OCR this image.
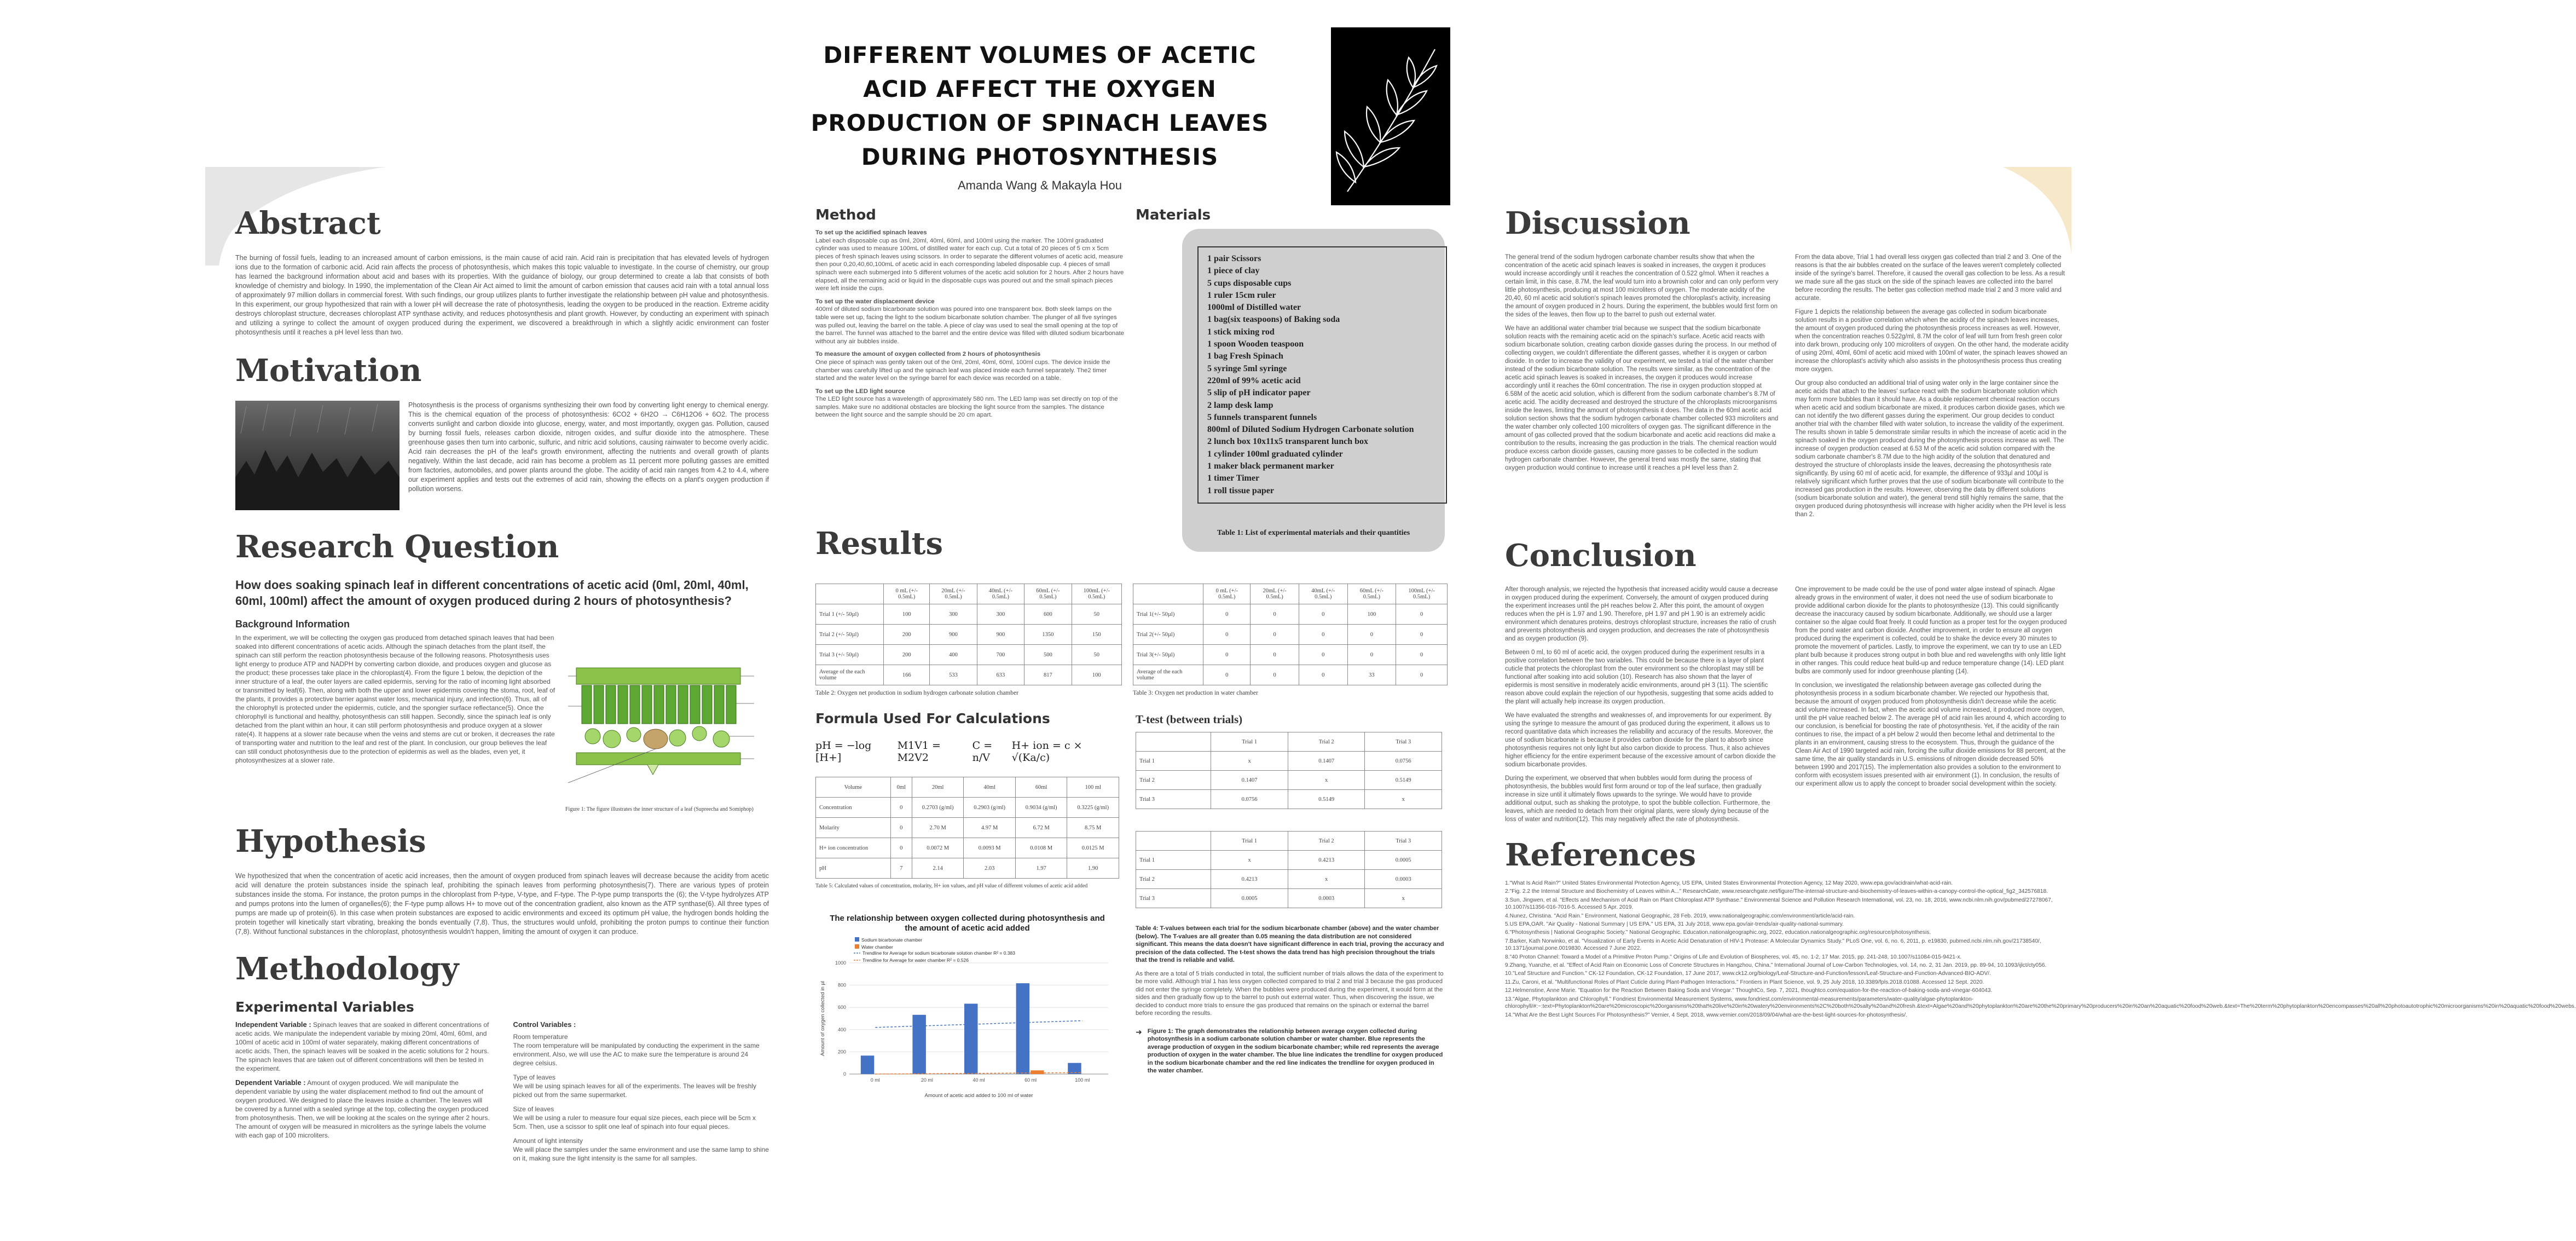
DIFFERENT VOLUMES OF ACETIC
ACID AFFECT THE OXYGEN
PRODUCTION OF SPINACH LEAVES
DURING PHOTOSYNTHESIS
Amanda Wang & Makayla Hou
Abstract

The burning of fossil fuels, leading to an increased amount of carbon emissions, is the main cause of acid rain. Acid rain is precipitation that has elevated levels of hydrogen ions due to the formation of carbonic acid. Acid rain affects the process of photosynthesis, which makes this topic valuable to investigate. In the course of chemistry, our group has learned the background information about acid and bases with its properties. With the guidance of biology, our group determined to create a lab that consists of both knowledge of chemistry and biology. In 1990, the implementation of the Clean Air Act aimed to limit the amount of carbon emission that causes acid rain with a total annual loss of approximately 97 million dollars in commercial forest. With such findings, our group utilizes plants to further investigate the relationship between pH value and photosynthesis. In this experiment, our group hypothesized that rain with a lower pH will decrease the rate of photosynthesis, leading the oxygen to be produced in the reaction. Extreme acidity destroys chloroplast structure, decreases chloroplast ATP synthase activity, and reduces photosynthesis and plant growth. However, by conducting an experiment with spinach and utilizing a syringe to collect the amount of oxygen produced during the experiment, we discovered a breakthrough in which a slightly acidic environment can foster photosynthesis until it reaches a pH level less than two.

Motivation

Photosynthesis is the process of organisms synthesizing their own food by converting light energy to chemical energy. This is the chemical equation of the process of photosynthesis: 6CO2 + 6H2O → C6H12O6 + 6O2. The process converts sunlight and carbon dioxide into glucose, energy, water, and most importantly, oxygen gas. Pollution, caused by burning fossil fuels, releases carbon dioxide, nitrogen oxides, and sulfur dioxide into the atmosphere. These greenhouse gases then turn into carbonic, sulfuric, and nitric acid solutions, causing rainwater to become overly acidic. Acid rain decreases the pH of the leaf's growth environment, affecting the nutrients and overall growth of plants negatively. Within the last decade, acid rain has become a problem as 11 percent more polluting gasses are emitted from factories, automobiles, and power plants around the globe. The acidity of acid rain ranges from 4.2 to 4.4, where our experiment applies and tests out the extremes of acid rain, showing the effects on a plant's oxygen production if pollution worsens.

Research Question
How does soaking spinach leaf in different concentrations of acetic acid (0ml, 20ml, 40ml, 60ml, 100ml) affect the amount of oxygen produced during 2 hours of photosynthesis?
Background Information

In the experiment, we will be collecting the oxygen gas produced from detached spinach leaves that had been soaked into different concentrations of acetic acids. Although the spinach detaches from the plant itself, the spinach can still perform the reaction photosynthesis because of the following reasons. Photosynthesis uses light energy to produce ATP and NADPH by converting carbon dioxide, and produces oxygen and glucose as the product; these processes take place in the chloroplast(4). From the figure 1 below, the depiction of the inner structure of a leaf, the outer layers are called epidermis, serving for the ratio of incoming light absorbed or transmitted by leaf(6). Then, along with both the upper and lower epidermis covering the stoma, root, leaf of the plants, it provides a protective barrier against water loss, mechanical injury, and infection(6). Thus, all of the chlorophyll is protected under the epidermis, cuticle, and the spongier surface reflectance(5). Once the chlorophyll is functional and healthy, photosynthesis can still happen. Secondly, since the spinach leaf is only detached from the plant within an hour, it can still perform photosynthesis and produce oxygen at a slower rate(4). It happens at a slower rate because when the veins and stems are cut or broken, it decreases the rate of transporting water and nutrition to the leaf and rest of the plant. In conclusion, our group believes the leaf can still conduct photosynthesis due to the protection of epidermis as well as the blades, even yet, it photosynthesizes at a slower rate.

Figure 1: The figure illustrates the inner structure of a leaf (Supreecha and Somiphop)
Hypothesis

We hypothesized that when the concentration of acetic acid increases, then the amount of oxygen produced from spinach leaves will decrease because the acidity from acetic acid will denature the protein substances inside the spinach leaf, prohibiting the spinach leaves from performing photosynthesis(7). There are various types of protein substances inside the stoma. For instance, the proton pumps in the chloroplast from P-type, V-type, and F-type. The P-type pump transports the (6); the V-type hydrolyzes ATP and pumps protons into the lumen of organelles(6); the F-type pump allows H+ to move out of the concentration gradient, also known as the ATP synthase(6). All three types of pumps are made up of protein(6). In this case when protein substances are exposed to acidic environments and exceed its optimum pH value, the hydrogen bonds holding the protein together will kinetically start vibrating, breaking the bonds eventually (7,8). Thus, the structures would unfold, prohibiting the proton pumps to continue their function (7,8). Without functional substances in the chloroplast, photosynthesis wouldn't happen, limiting the amount of oxygen it can produce.

Methodology
Experimental Variables

Independent Variable : Spinach leaves that are soaked in different concentrations of acetic acids. We manipulate the independent variable by mixing 20ml, 40ml, 60ml, and 100ml of acetic acid in 100ml of water separately, making different concentrations of acetic acids. Then, the spinach leaves will be soaked in the acetic solutions for 2 hours. The spinach leaves that are taken out of different concentrations will then be tested in the experiment.

Dependent Variable : Amount of oxygen produced. We will manipulate the dependent variable by using the water displacement method to find out the amount of oxygen produced. We designed to place the leaves inside a chamber. The leaves will be covered by a funnel with a sealed syringe at the top, collecting the oxygen produced from photosynthesis. Then, we will be looking at the scales on the syringe after 2 hours. The amount of oxygen will be measured in microliters as the syringe labels the volume with each gap of 100 microliters.

Control Variables :

Room temperature
The room temperature will be manipulated by conducting the experiment in the same environment. Also, we will use the AC to make sure the temperature is around 24 degree celsius.

Type of leaves
We will be using spinach leaves for all of the experiments. The leaves will be freshly picked out from the same supermarket.

Size of leaves
We will be using a ruler to measure four equal size pieces, each piece will be 5cm x 5cm. Then, use a scissor to split one leaf of spinach into four equal pieces.

Amount of light intensity
We will place the samples under the same environment and use the same lamp to shine on it, making sure the light intensity is the same for all samples.

Method

To set up the acidified spinach leaves
Label each disposable cup as 0ml, 20ml, 40ml, 60ml, and 100ml using the marker. The 100ml graduated cylinder was used to measure 100mL of distilled water for each cup. Cut a total of 20 pieces of 5 cm x 5cm pieces of fresh spinach leaves using scissors. In order to separate the different volumes of acetic acid, measure then pour 0,20,40,60,100mL of acetic acid in each corresponding labeled disposable cup. 4 pieces of small spinach were each submerged into 5 different volumes of the acetic acid solution for 2 hours. After 2 hours have elapsed, all the remaining acid or liquid in the disposable cups was poured out and the small spinach pieces were left inside the cups.

To set up the water displacement device
400ml of diluted sodium bicarbonate solution was poured into one transparent box. Both sleek lamps on the table were set up, facing the light to the sodium bicarbonate solution chamber. The plunger of all five syringes was pulled out, leaving the barrel on the table. A piece of clay was used to seal the small opening at the top of the barrel. The funnel was attached to the barrel and the entire device was filled with diluted sodium bicarbonate without any air bubbles inside.

To measure the amount of oxygen collected from 2 hours of photosynthesis
One piece of spinach was gently taken out of the 0ml, 20ml, 40ml, 60ml, 100ml cups. The device inside the chamber was carefully lifted up and the spinach leaf was placed inside each funnel separately. The2 timer started and the water level on the syringe barrel for each device was recorded on a table.

To set up the LED light source
The LED light source has a wavelength of approximately 580 nm. The LED lamp was set directly on top of the samples. Make sure no additional obstacles are blocking the light source from the samples. The distance between the light source and the sample should be 20 cm apart.

Materials
1 pair Scissors
1 piece of clay
5 cups disposable cups
1 ruler 15cm ruler
1000ml of Distilled water
1 bag(six teaspoons) of Baking soda
1 stick mixing rod
1 spoon Wooden teaspoon
1 bag Fresh Spinach
5 syringe 5ml syringe
220ml of 99% acetic acid
5 slip of pH indicator paper
2 lamp desk lamp
5 funnels transparent funnels
800ml of Diluted Sodium Hydrogen Carbonate solution
2 lunch box 10x11x5 transparent lunch box
1 cylinder 100ml graduated cylinder
1 maker black permanent marker
1 timer Timer
1 roll tissue paper
Table 1: List of experimental materials and their quantities
Results
	0 mL (+/- 0.5mL)	20mL (+/- 0.5mL)	40mL (+/- 0.5mL)	60mL (+/- 0.5mL)	100mL (+/- 0.5mL)
Trial 1 (+/- 50µl)	100	300	300	600	50
Trial 2 (+/- 50µl)	200	900	900	1350	150
Trial 3 (+/- 50µl)	200	400	700	500	50
Average of the each volume	166	533	633	817	100
Table 2: Oxygen net production in sodium hydrogen carbonate solution chamber
	0 mL (+/- 0.5mL)	20mL (+/- 0.5mL)	40mL (+/- 0.5mL)	60mL (+/- 0.5mL)	100mL (+/- 0.5mL)
Trial 1(+/- 50µl)	0	0	0	100	0
Trial 2(+/- 50µl)	0	0	0	0	0
Trial 3(+/- 50µl)	0	0	0	0	0
Average of the each volume	0	0	0	33	0
Table 3: Oxygen net production in water chamber
Formula Used For Calculations
pH = −log [H+]
M1V1 = M2V2
C = n/V
H+ ion = c × √(Ka/c)
Volume	0ml	20ml	40ml	60ml	100 ml
Concentration	0	0.2703 (g/ml)	0.2903 (g/ml)	0.9034 (g/ml)	0.3225 (g/ml)
Molarity	0	2.70 M	4.97 M	6.72 M	8.75 M
H+ ion concentration	0	0.0072 M	0.0093 M	0.0108 M	0.0125 M
pH	7	2.14	2.03	1.97	1.90
Table 5: Calculated values of concentration, molarity, H+ ion values, and pH value of different volumes of acetic acid added
The relationship between oxygen collected during photosynthesis and
the amount of acetic acid added
Sodium bicarbonate chamber
Water chamber
Trendline for Average for sodium bicarbonate solution chamber R² = 0.383
Trendline for Average for water chamber R² = 0.526
0
200
400
600
800
1000
0 ml	20 ml	40 ml	60 ml	100 ml
Amount of acetic acid added to 100 ml of water
Amount of oxygen collected in µl
T-test (between trials)
	Trial 1	Trial 2	Trial 3
Trial 1	x	0.1407	0.0756
Trial 2	0.1407	x	0.5149
Trial 3	0.0756	0.5149	x
	Trial 1	Trial 2	Trial 3
Trial 1	x	0.4213	0.0005
Trial 2	0.4213	x	0.0003
Trial 3	0.0005	0.0003	x

Table 4: T-values between each trial for the sodium bicarbonate chamber (above) and the water chamber (below). The T-values are all greater than 0.05 meaning the data distribution are not considered significant. This means the data doesn't have significant difference in each trial, proving the accuracy and precision of the data collected. The t-test shows the data trend has high precision throughout the trials that the trend is reliable and valid.

As there are a total of 5 trials conducted in total, the sufficient number of trials allows the data of the experiment to be more valid. Although trial 1 has less oxygen collected compared to trial 2 and trial 3 because the gas produced did not enter the syringe completely. When the bubbles were produced during the experiment, it would form at the sides and then gradually flow up to the barrel to push out external water. Thus, when discovering the issue, we decided to conduct more trials to ensure the gas produced that remains on the spinach or external the barrel before recording the results.

➜ Figure 1: The graph demonstrates the relationship between average oxygen collected during photosynthesis in a sodium carbonate solution chamber or water chamber. Blue represents the average production of oxygen in the sodium bicarbonate chamber; while red represents the average production of oxygen in the water chamber. The blue line indicates the trendline for oxygen produced in the sodium bicarbonate chamber and the red line indicates the trendline for oxygen produced in the water chamber.

Discussion

The general trend of the sodium hydrogen carbonate chamber results show that when the concentration of the acetic acid spinach leaves is soaked in increases, the oxygen it produces would increase accordingly until it reaches the concentration of 0.522 g/mol. When it reaches a certain limit, in this case, 8.7M, the leaf would turn into a brownish color and can only perform very little photosynthesis, producing at most 100 microliters of oxygen. The moderate acidity of the 20,40, 60 ml acetic acid solution's spinach leaves promoted the chloroplast's activity, increasing the amount of oxygen produced in 2 hours. During the experiment, the bubbles would first form on the sides of the leaves, then flow up to the barrel to push out external water.

We have an additional water chamber trial because we suspect that the sodium bicarbonate solution reacts with the remaining acetic acid on the spinach's surface. Acetic acid reacts with sodium bicarbonate solution, creating carbon dioxide gasses during the process. In our method of collecting oxygen, we couldn't differentiate the different gasses, whether it is oxygen or carbon dioxide. In order to increase the validity of our experiment, we tested a trial of the water chamber instead of the sodium bicarbonate solution. The results were similar, as the concentration of the acetic acid spinach leaves is soaked in increases, the oxygen it produces would increase accordingly until it reaches the 60ml concentration. The rise in oxygen production stopped at 6.58M of the acetic acid solution, which is different from the sodium carbonate chamber's 8.7M of acetic acid. The acidity decreased and destroyed the structure of the chloroplasts microorganisms inside the leaves, limiting the amount of photosynthesis it does. The data in the 60ml acetic acid solution section shows that the sodium hydrogen carbonate chamber collected 933 microliters and the water chamber only collected 100 microliters of oxygen gas. The significant difference in the amount of gas collected proved that the sodium bicarbonate and acetic acid reactions did make a contribution to the results, increasing the gas production in the trials. The chemical reaction would produce excess carbon dioxide gasses, causing more gasses to be collected in the sodium hydrogen carbonate chamber. However, the general trend was mostly the same, stating that oxygen production would continue to increase until it reaches a pH level less than 2.

From the data above, Trial 1 had overall less oxygen gas collected than trial 2 and 3. One of the reasons is that the air bubbles created on the surface of the leaves weren't completely collected inside of the syringe's barrel. Therefore, it caused the overall gas collection to be less. As a result we made sure all the gas stuck on the side of the spinach leaves are collected into the barrel before recording the results. The better gas collection method made trial 2 and 3 more valid and accurate.

Figure 1 depicts the relationship between the average gas collected in sodium bicarbonate solution results in a positive correlation which when the acidity of the spinach leaves increases, the amount of oxygen produced during the photosynthesis process increases as well. However, when the concentration reaches 0.522g/ml, 8.7M the color of leaf will turn from fresh green color into dark brown, producing only 100 microliters of oxygen. On the other hand, the moderate acidity of using 20ml, 40ml, 60ml of acetic acid mixed with 100ml of water, the spinach leaves showed an increase the chloroplast's activity which also assists in the photosynthesis process thus creating more oxygen.

Our group also conducted an additional trial of using water only in the large container since the acetic acids that attach to the leaves' surface react with the sodium bicarbonate solution which may form more bubbles than it should have. As a double replacement chemical reaction occurs when acetic acid and sodium bicarbonate are mixed, it produces carbon dioxide gases, which we can not identify the two different gasses during the experiment. Our group decides to conduct another trial with the chamber filled with water solution, to increase the validity of the experiment. The results shown in table 5 demonstrate similar results in which the increase of acetic acid in the spinach soaked in the oxygen produced during the photosynthesis process increase as well. The increase of oxygen production ceased at 6.53 M of the acetic acid solution compared with the sodium carbonate chamber's 8.7M due to the high acidity of the solution that denatured and destroyed the structure of chloroplasts inside the leaves, decreasing the photosynthesis rate significantly. By using 60 ml of acetic acid, for example, the difference of 933µl and 100µl is relatively significant which further proves that the use of sodium bicarbonate will contribute to the increased gas production in the results. However, observing the data by different solutions (sodium bicarbonate solution and water), the general trend still highly remains the same, that the oxygen produced during photosynthesis will increase with higher acidity when the PH level is less than 2.

Conclusion

After thorough analysis, we rejected the hypothesis that increased acidity would cause a decrease in oxygen produced during the experiment. Conversely, the amount of oxygen produced during the experiment increases until the pH reaches below 2. After this point, the amount of oxygen reduces when the pH is 1.97 and 1.90. Therefore, pH 1.97 and pH 1.90 is an extremely acidic environment which denatures proteins, destroys chloroplast structure, increases the ratio of crush and prevents photosynthesis and oxygen production, and decreases the rate of photosynthesis and as oxygen production (9).

Between 0 ml, to 60 ml of acetic acid, the oxygen produced during the experiment results in a positive correlation between the two variables. This could be because there is a layer of plant cuticle that protects the chloroplast from the outer environment so the chloroplast may still be functional after soaking into acid solution (10). Research has also shown that the layer of epidermis is most sensitive in moderately acidic environments, around pH 3 (11). The scientific reason above could explain the rejection of our hypothesis, suggesting that some acids added to the plant will actually help increase its oxygen production.

We have evaluated the strengths and weaknesses of, and improvements for our experiment. By using the syringe to measure the amount of gas produced during the experiment, it allows us to record quantitative data which increases the reliability and accuracy of the results. Moreover, the use of sodium bicarbonate is because it provides carbon dioxide for the plant to absorb since photosynthesis requires not only light but also carbon dioxide to process. Thus, it also achieves higher efficiency for the entire experiment because of the excessive amount of carbon dioxide the sodium bicarbonate provides.

During the experiment, we observed that when bubbles would form during the process of photosynthesis, the bubbles would first form around or top of the leaf surface, then gradually increase in size until it ultimately flows upwards to the syringe. We would have to provide additional output, such as shaking the prototype, to spot the bubble collection. Furthermore, the leaves, which are needed to detach from their original plants, were slowly dying because of the loss of water and nutrition(12). This may negatively affect the rate of photosynthesis.

One improvement to be made could be the use of pond water algae instead of spinach. Algae already grows in the environment of water, it does not need the use of sodium bicarbonate to provide additional carbon dioxide for the plants to photosynthesize (13). This could significantly decrease the inaccuracy caused by sodium bicarbonate. Additionally, we should use a larger container so the algae could float freely. It could function as a proper test for the oxygen produced from the pond water and carbon dioxide. Another improvement, in order to ensure all oxygen produced during the experiment is collected, could be to shake the device every 30 minutes to promote the movement of particles. Lastly, to improve the experiment, we can try to use an LED plant bulb because it produces strong output in both blue and red wavelengths with only little light in other ranges. This could reduce heat build-up and reduce temperature change (14). LED plant bulbs are commonly used for indoor greenhouse planting (14).

In conclusion, we investigated the relationship between average gas collected during the photosynthesis process in a sodium bicarbonate chamber. We rejected our hypothesis that, because the amount of oxygen produced from photosynthesis didn't decrease while the acetic acid volume increased. In fact, when the acetic acid volume increased, it produced more oxygen, until the pH value reached below 2. The average pH of acid rain lies around 4, which according to our conclusion, is beneficial for boosting the rate of photosynthesis. Yet, if the acidity of the rain continues to rise, the impact of a pH below 2 would then become lethal and detrimental to the plants in an environment, causing stress to the ecosystem. Thus, through the guidance of the Clean Air Act of 1990 targeted acid rain, forcing the sulfur dioxide emissions for 88 percent, at the same time, the air quality standards in U.S. emissions of nitrogen dioxide decreased 50% between 1990 and 2017(15). The implementation also provides a solution to the environment to conform with ecosystem issues presented with air environment (1). In conclusion, the results of our experiment allow us to apply the concept to broader social development within the society.

References

1."What Is Acid Rain?" United States Environmental Protection Agency, US EPA, United States Environmental Protection Agency, 12 May 2020, www.epa.gov/acidrain/what-acid-rain.

2."Fig. 2.2 the Internal Structure and Biochemistry of Leaves within A..." ResearchGate, www.researchgate.net/figure/The-internal-structure-and-biochemistry-of-leaves-within-a-canopy-control-the-optical_fig2_342576818.

3.Sun, Jingwen, et al. "Effects and Mechanism of Acid Rain on Plant Chloroplast ATP Synthase." Environmental Science and Pollution Research International, vol. 23, no. 18, 2016, www.ncbi.nlm.nih.gov/pubmed/27278067, 10.1007/s11356-016-7016-5. Accessed 5 Apr. 2019.

4.Nunez, Christina. "Acid Rain." Environment, National Geographic, 28 Feb. 2019, www.nationalgeographic.com/environment/article/acid-rain.

5.US EPA,OAR. "Air Quality - National Summary | US EPA." US EPA, 31 July 2018, www.epa.gov/air-trends/air-quality-national-summary.

6."Photosynthesis | National Geographic Society." National Geographic. Education.nationalgeographic.org, 2022, education.nationalgeographic.org/resource/photosynthesis.

7.Barker, Kath Norwinko, et al. "Visualization of Early Events in Acetic Acid Denaturation of HIV-1 Protease: A Molecular Dynamics Study." PLoS One, vol. 6, no. 6, 2011, p. e19830, pubmed.ncbi.nlm.nih.gov/21738540/, 10.1371/journal.pone.0019830. Accessed 7 June 2022.

8."40 Proton Channel: Toward a Model of a Primitive Proton Pump." Origins of Life and Evolution of Biospheres, vol. 45, no. 1-2, 17 Mar. 2015, pp. 241-248, 10.1007/s11084-015-9421-x.

9.Zhang, Yuanzhe, et al. "Effect of Acid Rain on Economic Loss of Concrete Structures in Hangzhou, China." International Journal of Low-Carbon Technologies, vol. 14, no. 2, 31 Jan. 2019, pp. 89-94, 10.1093/ijlct/cty056.

10."Leaf Structure and Function." CK-12 Foundation, CK-12 Foundation, 17 June 2017, www.ck12.org/biology/Leaf-Structure-and-Function/lesson/Leaf-Structure-and-Function-Advanced-BIO-ADV/.

11.Zu, Caroni, et al. "Multifunctional Roles of Plant Cuticle during Plant-Pathogen Interactions." Frontiers in Plant Science, vol. 9, 25 July 2018, 10.3389/fpls.2018.01088. Accessed 12 Sept. 2020.

12.Helmenstine, Anne Marie. "Equation for the Reaction Between Baking Soda and Vinegar." ThoughtCo, Sep. 7, 2021, thoughtco.com/equation-for-the-reaction-of-baking-soda-and-vinegar-604043.

13."Algae, Phytoplankton and Chlorophyll." Fondriest Environmental Measurement Systems, www.fondriest.com/environmental-measurements/parameters/water-quality/algae-phytoplankton-chlorophyll/#:~:text=Phytoplankton%20are%20microscopic%20organisms%20that%20live%20in%20watery%20environments%2C%20both%20salty%20and%20fresh.&text=Algae%20and%20phytoplankton%20are%20the%20primary%20producers%20in%20an%20aquatic%20food%20web.&text=The%20term%20phytoplankton%20encompasses%20all%20photoautotrophic%20microorganisms%20in%20aquatic%20food%20webs.

14."What Are the Best Light Sources For Photosynthesis?" Vernier, 4 Sept. 2018, www.vernier.com/2018/09/04/what-are-the-best-light-sources-for-photosynthesis/.
